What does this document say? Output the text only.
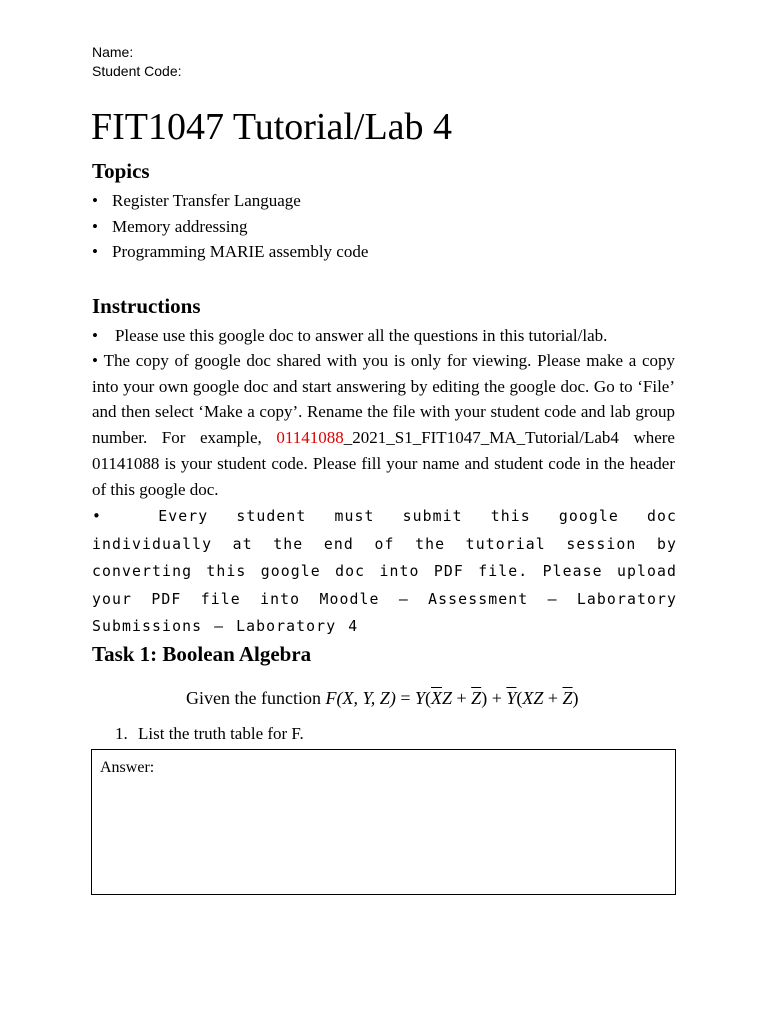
Name:
Student Code:
FIT1047 Tutorial/Lab 4
Topics
• Register Transfer Language
• Memory addressing
• Programming MARIE assembly code
Instructions

• Please use this google doc to answer all the questions in this tutorial/lab.

• The copy of google doc shared with you is only for viewing. Please make a copy into your own google doc and start answering by editing the google doc. Go to ‘File’ and then select ‘Make a copy’. Rename the file with your student code and lab group number. For example, 01141088_2021_S1_FIT1047_MA_Tutorial/Lab4 where 01141088 is your student code. Please fill your name and student code in the header of this google doc.

•	Every student must submit this google doc individually at the end of the tutorial session by converting this google doc into PDF file. Please upload your PDF file into Moodle – Assessment – Laboratory Submissions – Laboratory 4

Task 1: Boolean Algebra
Given the function F(X, Y, $Z) = Y(\overline{X}Z + \overline{Z}) + \overline{Y}(XZ + \overline{Z})$
1. List the truth table for F.
Answer:
